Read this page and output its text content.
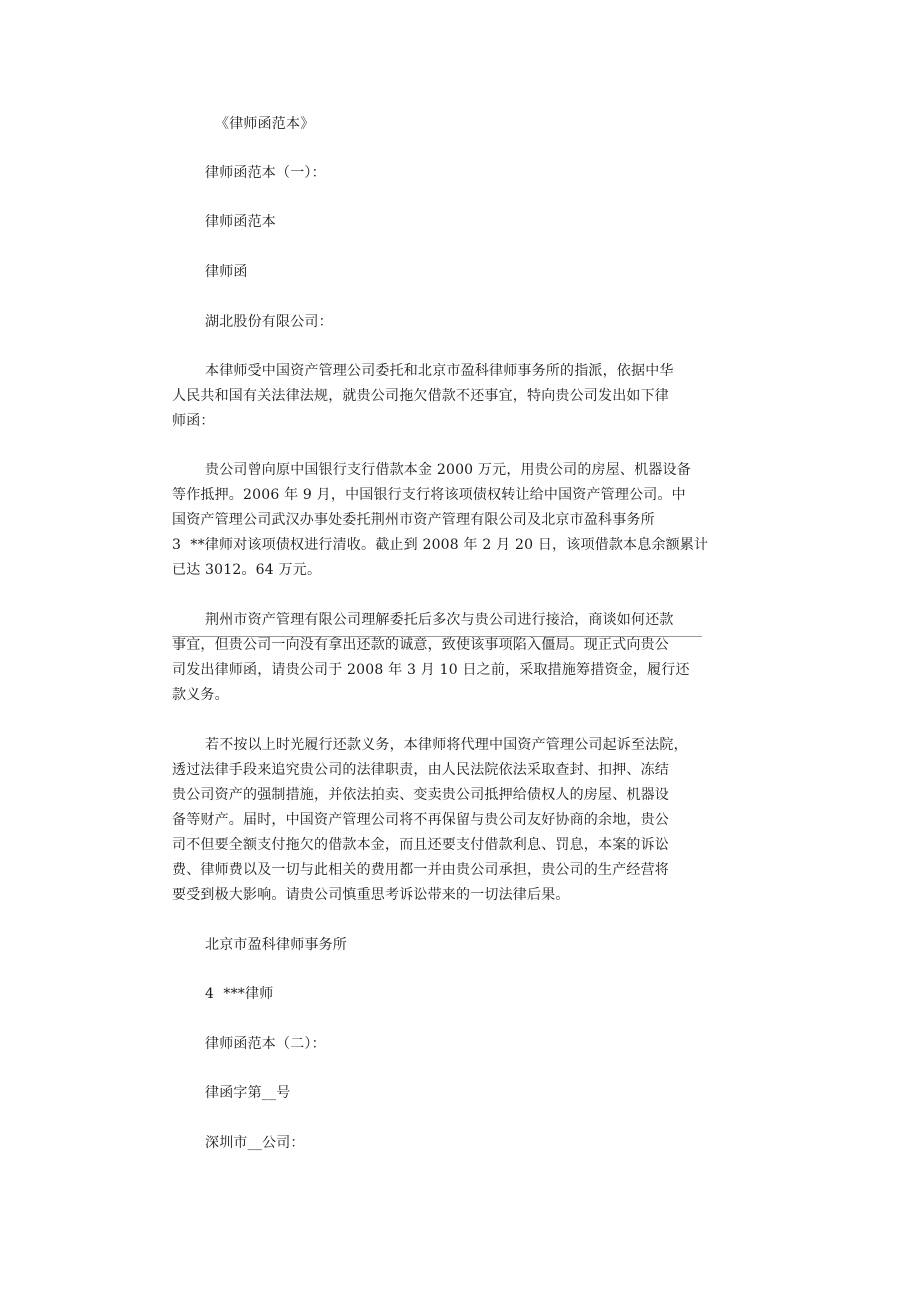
《律师函范本》
律师函范本（一）：
律师函范本
律师函
湖北股份有限公司：
本律师受中国资产管理公司委托和北京市盈科律师事务所的指派，依据中华
人民共和国有关法律法规，就贵公司拖欠借款不还事宜，特向贵公司发出如下律
师函：
贵公司曾向原中国银行支行借款本金 2000 万元，用贵公司的房屋、机器设备
等作抵押。2006 年 9 月，中国银行支行将该项债权转让给中国资产管理公司。中
国资产管理公司武汉办事处委托荆州市资产管理有限公司及北京市盈科事务所
3  **律师对该项债权进行清收。截止到 2008 年 2 月 20 日，该项借款本息余额累计
已达 3012。64 万元。
荆州市资产管理有限公司理解委托后多次与贵公司进行接洽，商谈如何还款
事宜，但贵公司一向没有拿出还款的诚意，致使该事项陷入僵局。现正式向贵公
司发出律师函，请贵公司于 2008 年 3 月 10 日之前，采取措施筹措资金，履行还
款义务。
若不按以上时光履行还款义务，本律师将代理中国资产管理公司起诉至法院，
透过法律手段来追究贵公司的法律职责，由人民法院依法采取查封、扣押、冻结
贵公司资产的强制措施，并依法拍卖、变卖贵公司抵押给债权人的房屋、机器设
备等财产。届时，中国资产管理公司将不再保留与贵公司友好协商的余地，贵公
司不但要全额支付拖欠的借款本金，而且还要支付借款利息、罚息，本案的诉讼
费、律师费以及一切与此相关的费用都一并由贵公司承担，贵公司的生产经营将
要受到极大影响。请贵公司慎重思考诉讼带来的一切法律后果。
北京市盈科律师事务所
4  ***律师
律师函范本（二）：
律函字第__号
深圳市__公司：
